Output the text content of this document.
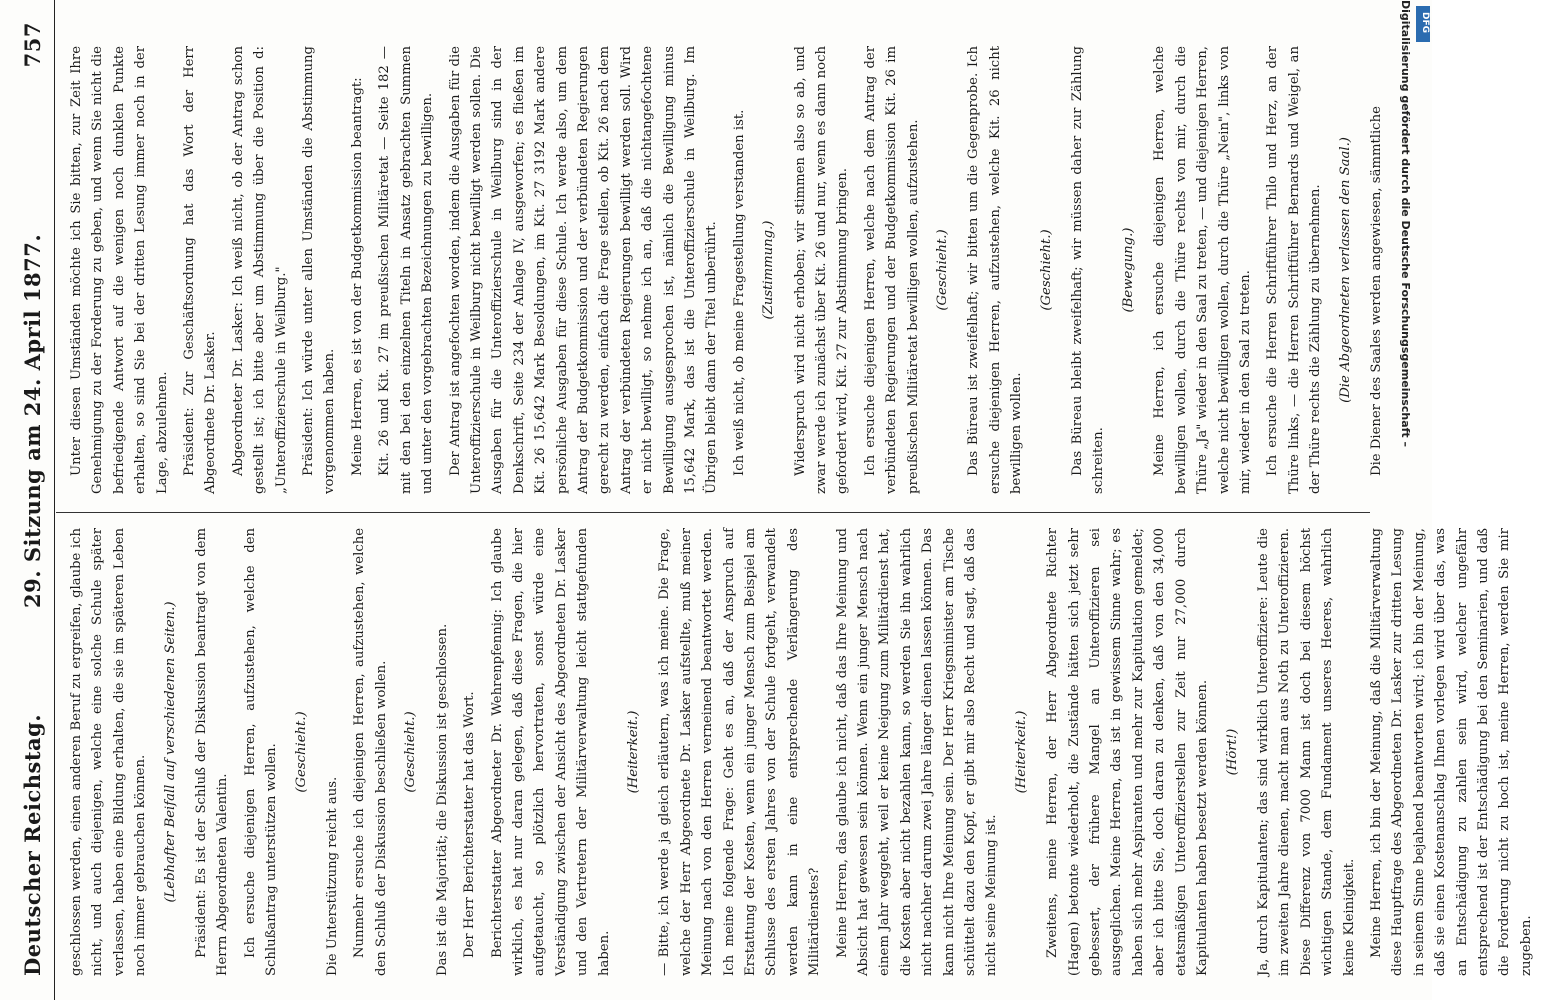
Deutscher Reichstag.
29. Sitzung am 24. April 1877.
757

geschlossen werden, einen anderen Beruf zu ergreifen, glaube ich nicht, und auch diejenigen, welche eine solche Schule später verlassen, haben eine Bildung erhalten, die sie im späteren Leben noch immer gebrauchen können. (Lebhafter Beifall auf verschiedenen Seiten.) Präsident: Es ist der Schluß der Diskussion beantragt von dem Herrn Abgeordneten Valentin. Ich ersuche diejenigen Herren, aufzustehen, welche den Schlußantrag unterstützen wollen. (Geschieht.)

Die Unterstützung reicht aus. Nunmehr ersuche ich diejenigen Herren, aufzustehen, welche den Schluß der Diskussion beschließen wollen. (Geschieht.) Das ist die Majorität; die Diskussion ist geschlossen. Der Herr Berichterstatter hat das Wort. Berichterstatter Abgeordneter Dr. Wehrenpfennig: Ich glaube wirklich, es hat nur daran gelegen, daß diese Fragen, die hier aufgetaucht, so plötzlich hervortraten, sonst würde eine Verständigung zwischen der Ansicht des Abgeordneten Dr. Lasker und den Vertretern der Militärverwaltung leicht stattgefunden haben.

(Heiterkeit.) — Bitte, ich werde ja gleich erläutern, was ich meine. Die Frage, welche der Herr Abgeordnete Dr. Lasker aufstellte, muß meiner Meinung nach von den Herren verneinend beantwortet werden. Ich meine folgende Frage: Geht es an, daß der Anspruch auf Erstattung der Kosten, wenn ein junger Mensch zum Beispiel am Schlusse des ersten Jahres von der Schule fortgeht, verwandelt werden kann in eine entsprechende Verlängerung des Militärdienstes? Meine Herren, das glaube ich nicht, daß das Ihre Meinung und Absicht hat gewesen sein können. Wenn ein junger Mensch nach einem Jahr weggeht, weil er keine Neigung zum Militärdienst hat, die Kosten aber nicht bezahlen kann, so werden Sie ihn wahrlich nicht nachher darum zwei Jahre länger dienen lassen können. Das kann nicht Ihre Meinung sein. Der Herr Kriegsminister am Tische schüttelt dazu den Kopf, er gibt mir also Recht und sagt, daß das nicht seine Meinung ist.

(Heiterkeit.) Zweitens, meine Herren, der Herr Abgeordnete Richter (Hagen) betonte wiederholt, die Zustände hätten sich jetzt sehr gebessert, der frühere Mangel an Unteroffizieren sei ausgeglichen. Meine Herren, das ist in gewissem Sinne wahr; es haben sich mehr Aspiranten und mehr zur Kapitulation gemeldet; aber ich bitte Sie, doch daran zu denken, daß von den 34,000 etatsmäßigen Unteroffizierstellen zur Zeit nur 27,000 durch Kapitulanten haben besetzt werden können. (Hört!) Ja, durch Kapitulanten; das sind wirklich Unteroffiziere: Leute die im zweiten Jahre dienen, macht man aus Noth zu Unteroffizieren. Diese Differenz von 7000 Mann ist doch bei diesem höchst wichtigen Stande, dem Fundament unseres Heeres, wahrlich keine Kleinigkeit. Meine Herren, ich bin der Meinung, daß die Militärverwaltung diese Hauptfrage des Abgeordneten Dr. Lasker zur dritten Lesung in seinem Sinne bejahend beantworten wird; ich bin der Meinung, daß sie einen Kostenanschlag Ihnen vorlegen wird über das, was an Entschädigung zu zahlen sein wird, welcher ungefähr entsprechend ist der Entschädigung bei den Seminarien, und daß die Forderung nicht zu hoch ist, meine Herren, werden Sie mir zugeben.

Unter diesen Umständen möchte ich Sie bitten, zur Zeit Ihre Genehmigung zu der Forderung zu geben, und wenn Sie nicht die befriedigende Antwort auf die wenigen noch dunklen Punkte erhalten, so sind Sie bei der dritten Lesung immer noch in der Lage, abzulehnen. Präsident: Zur Geschäftsordnung hat das Wort der Herr Abgeordnete Dr. Lasker. Abgeordneter Dr. Lasker: Ich weiß nicht, ob der Antrag schon gestellt ist; ich bitte aber um Abstimmung über die Position d: „Unteroffizierschule in Weilburg." Präsident: Ich würde unter allen Umständen die Abstimmung vorgenommen haben. Meine Herren, es ist von der Budgetkommission beantragt: Kit. 26 und Kit. 27 im preußischen Militäretat — Seite 182 — mit den bei den einzelnen Titeln in Ansatz gebrachten Summen und unter den vorgebrachten Bezeichnungen zu bewilligen. Der Antrag ist angefochten worden, indem die Ausgaben für die Unteroffizierschule in Weilburg nicht bewilligt werden sollen. Die Ausgaben für die Unteroffizierschule in Weilburg sind in der Denkschrift, Seite 234 der Anlage IV, ausgeworfen; es fließen im Kit. 26 15,642 Mark Besoldungen, im Kit. 27 3192 Mark andere persönliche Ausgaben für diese Schule. Ich werde also, um dem Antrag der Budgetkommission und der verbündeten Regierungen gerecht zu werden, einfach die Frage stellen, ob Kit. 26 nach dem Antrag der verbündeten Regierungen bewilligt werden soll. Wird er nicht bewilligt, so nehme ich an, daß die nichtangefochtene Bewilligung ausgesprochen ist, nämlich die Bewilligung minus 15,642 Mark, das ist die Unteroffizierschule in Weilburg. Im Übrigen bleibt dann der Titel unberührt. Ich weiß nicht, ob meine Fragestellung verstanden ist. (Zustimmung.) Widerspruch wird nicht erhoben; wir stimmen also so ab, und zwar werde ich zunächst über Kit. 26 und nur, wenn es dann noch gefordert wird, Kit. 27 zur Abstimmung bringen. Ich ersuche diejenigen Herren, welche nach dem Antrag der verbündeten Regierungen und der Budgetkommission Kit. 26 im preußischen Militäretat bewilligen wollen, aufzustehen. (Geschieht.) Das Büreau ist zweifelhaft; wir bitten um die Gegenprobe. Ich ersuche diejenigen Herren, aufzustehen, welche Kit. 26 nicht bewilligen wollen.

(Geschieht.) Das Büreau bleibt zweifelhaft; wir müssen daher zur Zählung schreiten.

(Bewegung.) Meine Herren, ich ersuche diejenigen Herren, welche bewilligen wollen, durch die Thüre rechts von mir, durch die Thüre „Ja" wieder in den Saal zu treten, — und diejenigen Herren, welche nicht bewilligen wollen, durch die Thüre „Nein", links von mir, wieder in den Saal zu treten. Ich ersuche die Herren Schriftführer Thilo und Herz, an der Thüre links, — die Herren Schriftführer Bernards und Weigel, an der Thüre rechts die Zählung zu übernehmen. (Die Abgeordneten verlassen den Saal.) Die Diener des Saales werden angewiesen, sämmtliche	Digitalisierung gefördert durch die Deutsche Forschungsgemeinschaft – DFG
